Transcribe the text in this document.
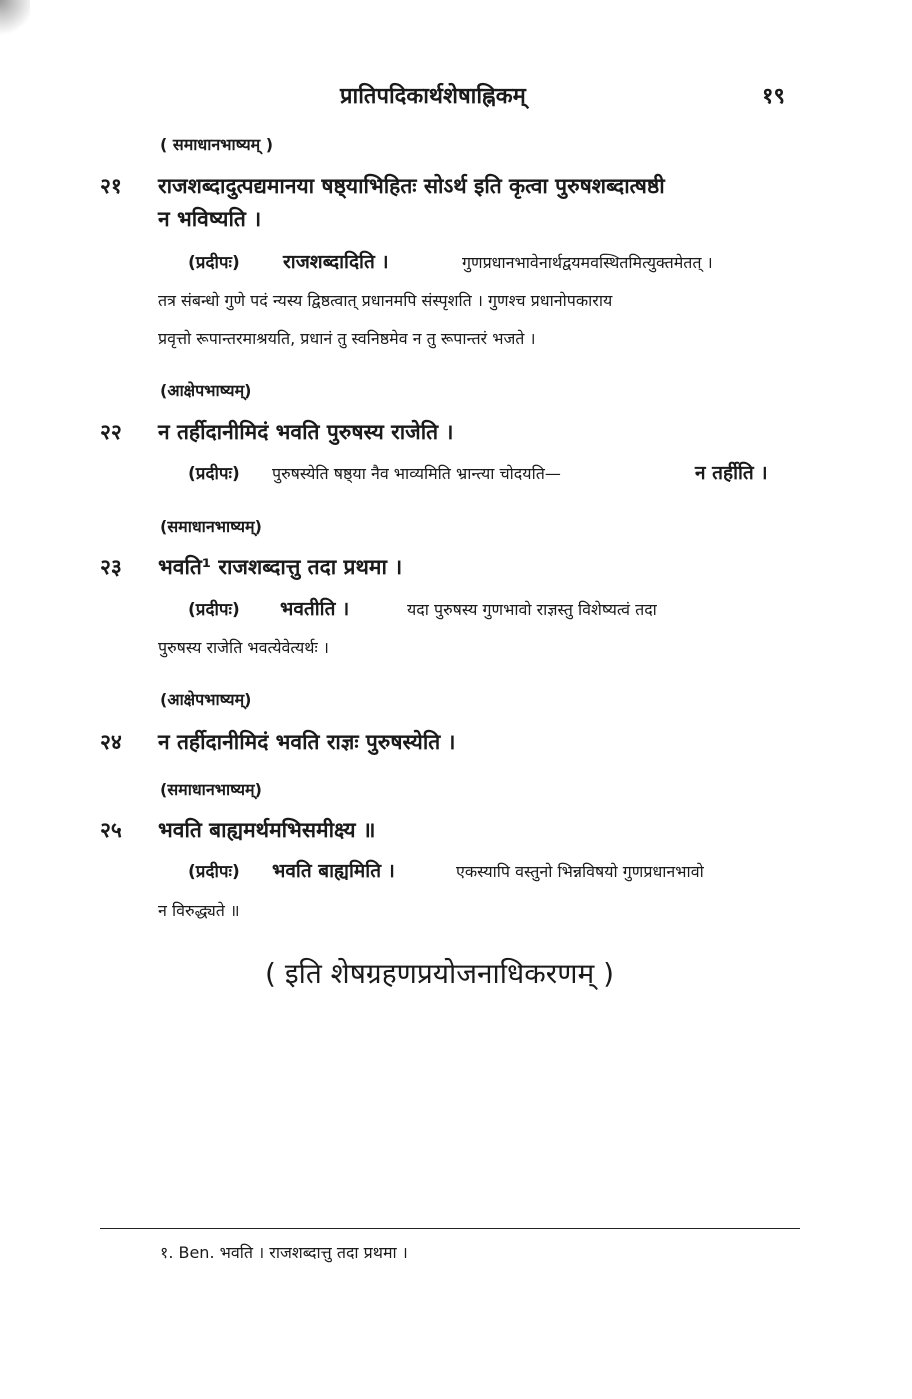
प्रातिपदिकार्थशेषाह्निकम्	१९
( समाधानभाष्यम् )
२१ राजशब्दादुत्पद्यमानया षष्ठ्याभिहितः सोऽर्थ इति कृत्वा पुरुषशब्दात्षष्ठी
न भविष्यति ।
(प्रदीपः) राजशब्दादिति ।	गुणप्रधानभावेनार्थद्वयमवस्थितमित्युक्तमेतत् ।
तत्र संबन्धो गुणे पदं न्यस्य द्विष्ठत्वात् प्रधानमपि संस्पृशति । गुणश्च प्रधानोपकाराय
प्रवृत्तो रूपान्तरमाश्रयति, प्रधानं तु स्वनिष्ठमेव न तु रूपान्तरं भजते ।
(आक्षेपभाष्यम्)
२२ न तर्हीदानीमिदं भवति पुरुषस्य राजेति ।
(प्रदीपः) पुरुषस्येति षष्ठ्या नैव भाव्यमिति भ्रान्त्या चोदयति—	न तर्हीति ।
(समाधानभाष्यम्)
२३ भवति¹ राजशब्दात्तु तदा प्रथमा ।
(प्रदीपः) भवतीति ।	यदा पुरुषस्य गुणभावो राज्ञस्तु विशेष्यत्वं तदा
पुरुषस्य राजेति भवत्येवेत्यर्थः ।
(आक्षेपभाष्यम्)
२४ न तर्हीदानीमिदं भवति राज्ञः पुरुषस्येति ।
(समाधानभाष्यम्)
२५ भवति बाह्यमर्थमभिसमीक्ष्य ॥
(प्रदीपः) भवति बाह्यमिति ।	एकस्यापि वस्तुनो भिन्नविषयो गुणप्रधानभावो
न विरुद्ध्यते ॥
( इति शेषग्रहणप्रयोजनाधिकरणम् )
१. Ben. भवति । राजशब्दात्तु तदा प्रथमा ।
